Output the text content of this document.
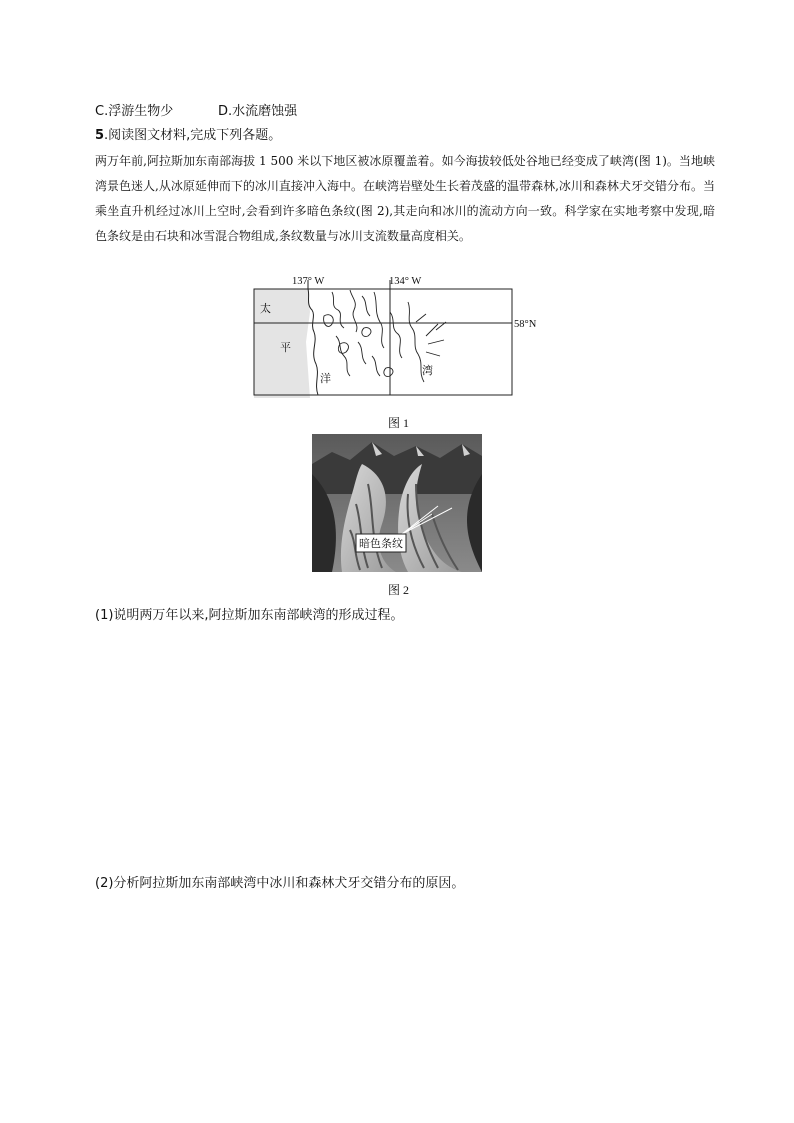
C.浮游生物少	D.水流磨蚀强
5.阅读图文材料,完成下列各题。
两万年前,阿拉斯加东南部海拔 1 500 米以下地区被冰原覆盖着。如今海拔较低处谷地已经变成了峡湾(图 1)。当地峡湾景色迷人,从冰原延伸而下的冰川直接冲入海中。在峡湾岩壁处生长着茂盛的温带森林,冰川和森林犬牙交错分布。当乘坐直升机经过冰川上空时,会看到许多暗色条纹(图 2),其走向和冰川的流动方向一致。科学家在实地考察中发现,暗色条纹是由石块和冰雪混合物组成,条纹数量与冰川支流数量高度相关。
137° W	134° W
58°N
太
平
洋
湾
图 1
暗色条纹
图 2
(1)说明两万年以来,阿拉斯加东南部峡湾的形成过程。
(2)分析阿拉斯加东南部峡湾中冰川和森林犬牙交错分布的原因。
